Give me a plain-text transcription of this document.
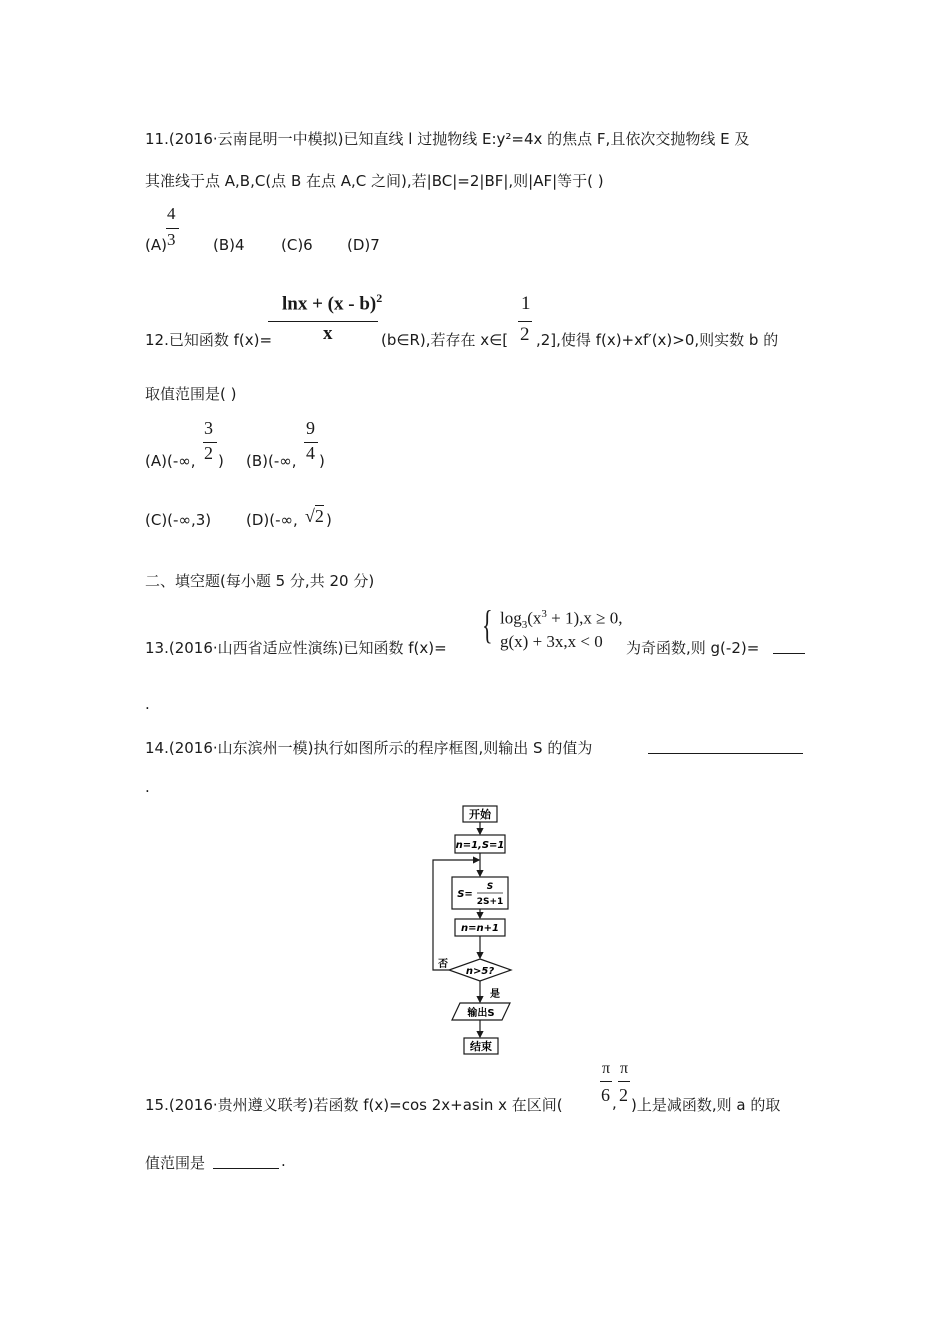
11.(2016·云南昆明一中模拟)已知直线 l 过抛物线 E:y²=4x 的焦点 F,且依次交抛物线 E 及
其准线于点 A,B,C(点 B 在点 A,C 之间),若|BC|=2|BF|,则|AF|等于( )
(A)
4
3	(B)4 (C)6 (D)7
lnx + (x - b)$^2$
x
12.已知函数 f(x)=	(b∈R),若存在 x∈[
1
2 ,2],使得 f(x)+xf′(x)>0,则实数 b 的
取值范围是( )
(A)(-∞,
3
2 ) (B)(-∞,
9
4 )
(C)(-∞,3) (D)(-∞, √2 )
二、填空题(每小题 5 分,共 20 分)
13.(2016·山西省适应性演练)已知函数 f(x)=
{ $\log_3(x^3 + 1),x \ge 0$,
g(x) + 3x,x < 0 为奇函数,则 g(-2)=
.
14.(2016·山东滨州一模)执行如图所示的程序框图,则输出 S 的值为
.
开始
n=1,S=1
S=
S
2S+1
n=n+1
n>5?
否
是
输出S
结束
π π
15.(2016·贵州遵义联考)若函数 f(x)=cos 2x+asin x 在区间( 6 , 2 )上是减函数,则 a 的取
值范围是	.
